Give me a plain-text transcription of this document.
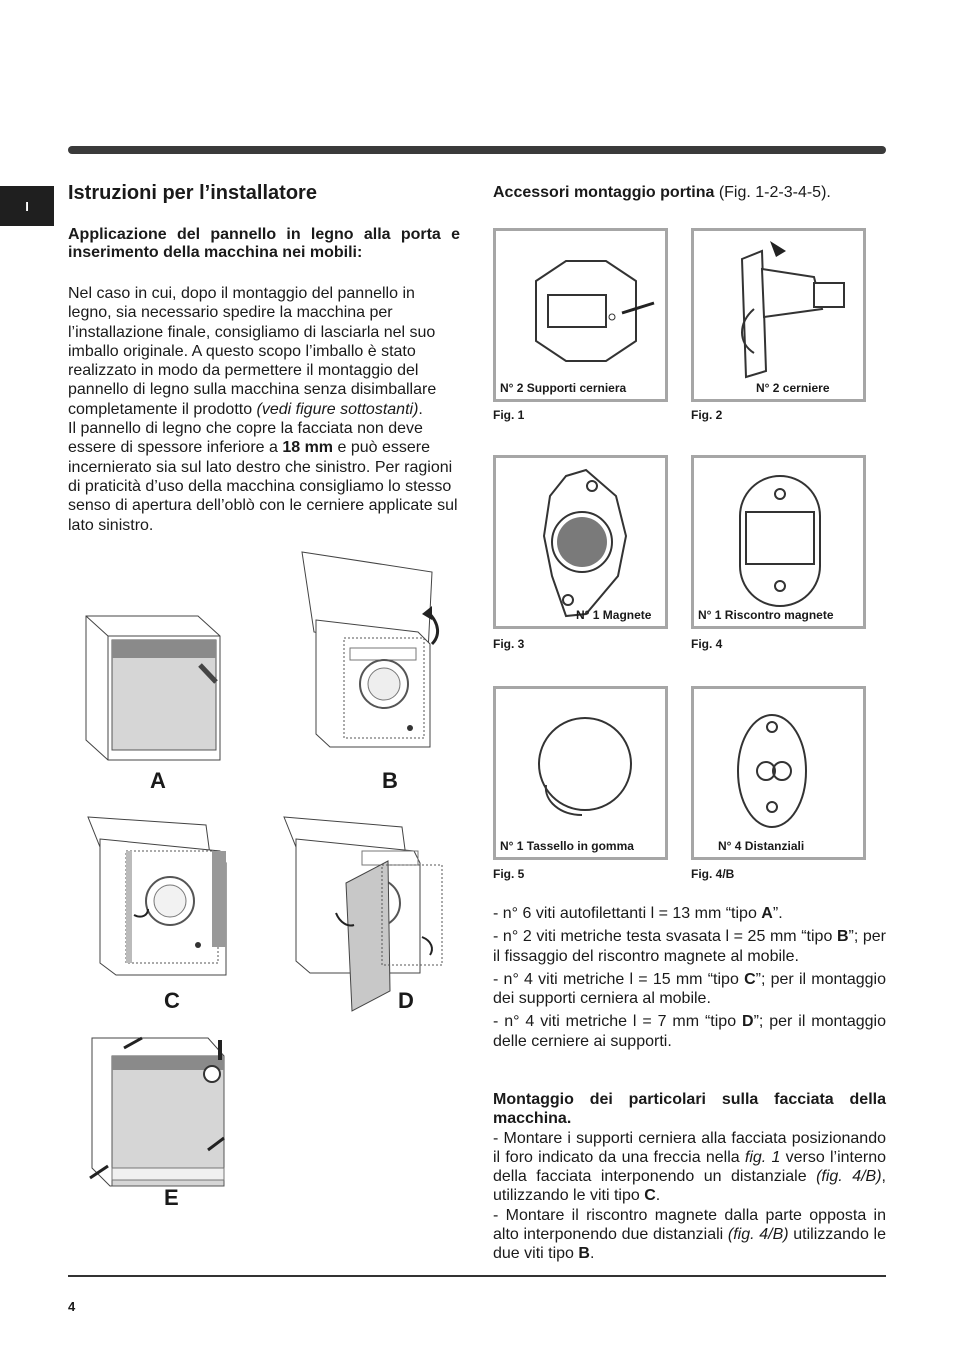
I
Istruzioni per l’installatore

Applicazione del pannello in legno alla porta e inserimento della macchina nei mobili:

Nel caso in cui, dopo il montaggio del pannello in legno, sia necessario spedire la macchina per l’installazione finale, consigliamo di lasciarla nel suo imballo originale. A questo scopo l’imballo è stato realizzato in modo da permettere il montaggio del pannello di legno sulla macchina senza disimballare completamente il prodotto (vedi figure sottostanti).

Il pannello di legno che copre la facciata non deve essere di spessore inferiore a 18 mm e può essere incernierato sia sul lato destro che sinistro. Per ragioni di praticità d’uso della macchina consigliamo lo stesso senso di apertura dell’oblò con le cerniere applicate sul lato sinistro.

A	B
C	D
E

Accessori montaggio portina (Fig. 1-2-3-4-5).

N° 2 Supporti cerniera
Fig. 1
N° 2 cerniere
Fig. 2
N° 1 Magnete
Fig. 3
N° 1 Riscontro magnete
Fig. 4
N° 1 Tassello in gomma
Fig. 5
N° 4 Distanziali
Fig. 4/B

- n° 6 viti autofilettanti l = 13 mm “tipo A”.

- n° 2 viti metriche testa svasata l = 25 mm “tipo B”; per il fissaggio del riscontro magnete al mobile.

- n° 4 viti metriche l = 15 mm “tipo C”; per il montaggio dei supporti cerniera al mobile.

- n° 4 viti metriche l = 7 mm “tipo D”; per il montaggio delle cerniere ai supporti.

Montaggio dei particolari sulla facciata della macchina.

- Montare i supporti cerniera alla facciata posizionando il foro indicato da una freccia nella fig. 1 verso l’interno della facciata interponendo un distanziale (fig. 4/B), utilizzando le viti tipo C.

- Montare il riscontro magnete dalla parte opposta in alto interponendo due distanziali (fig. 4/B) utilizzando le due viti tipo B.

4
